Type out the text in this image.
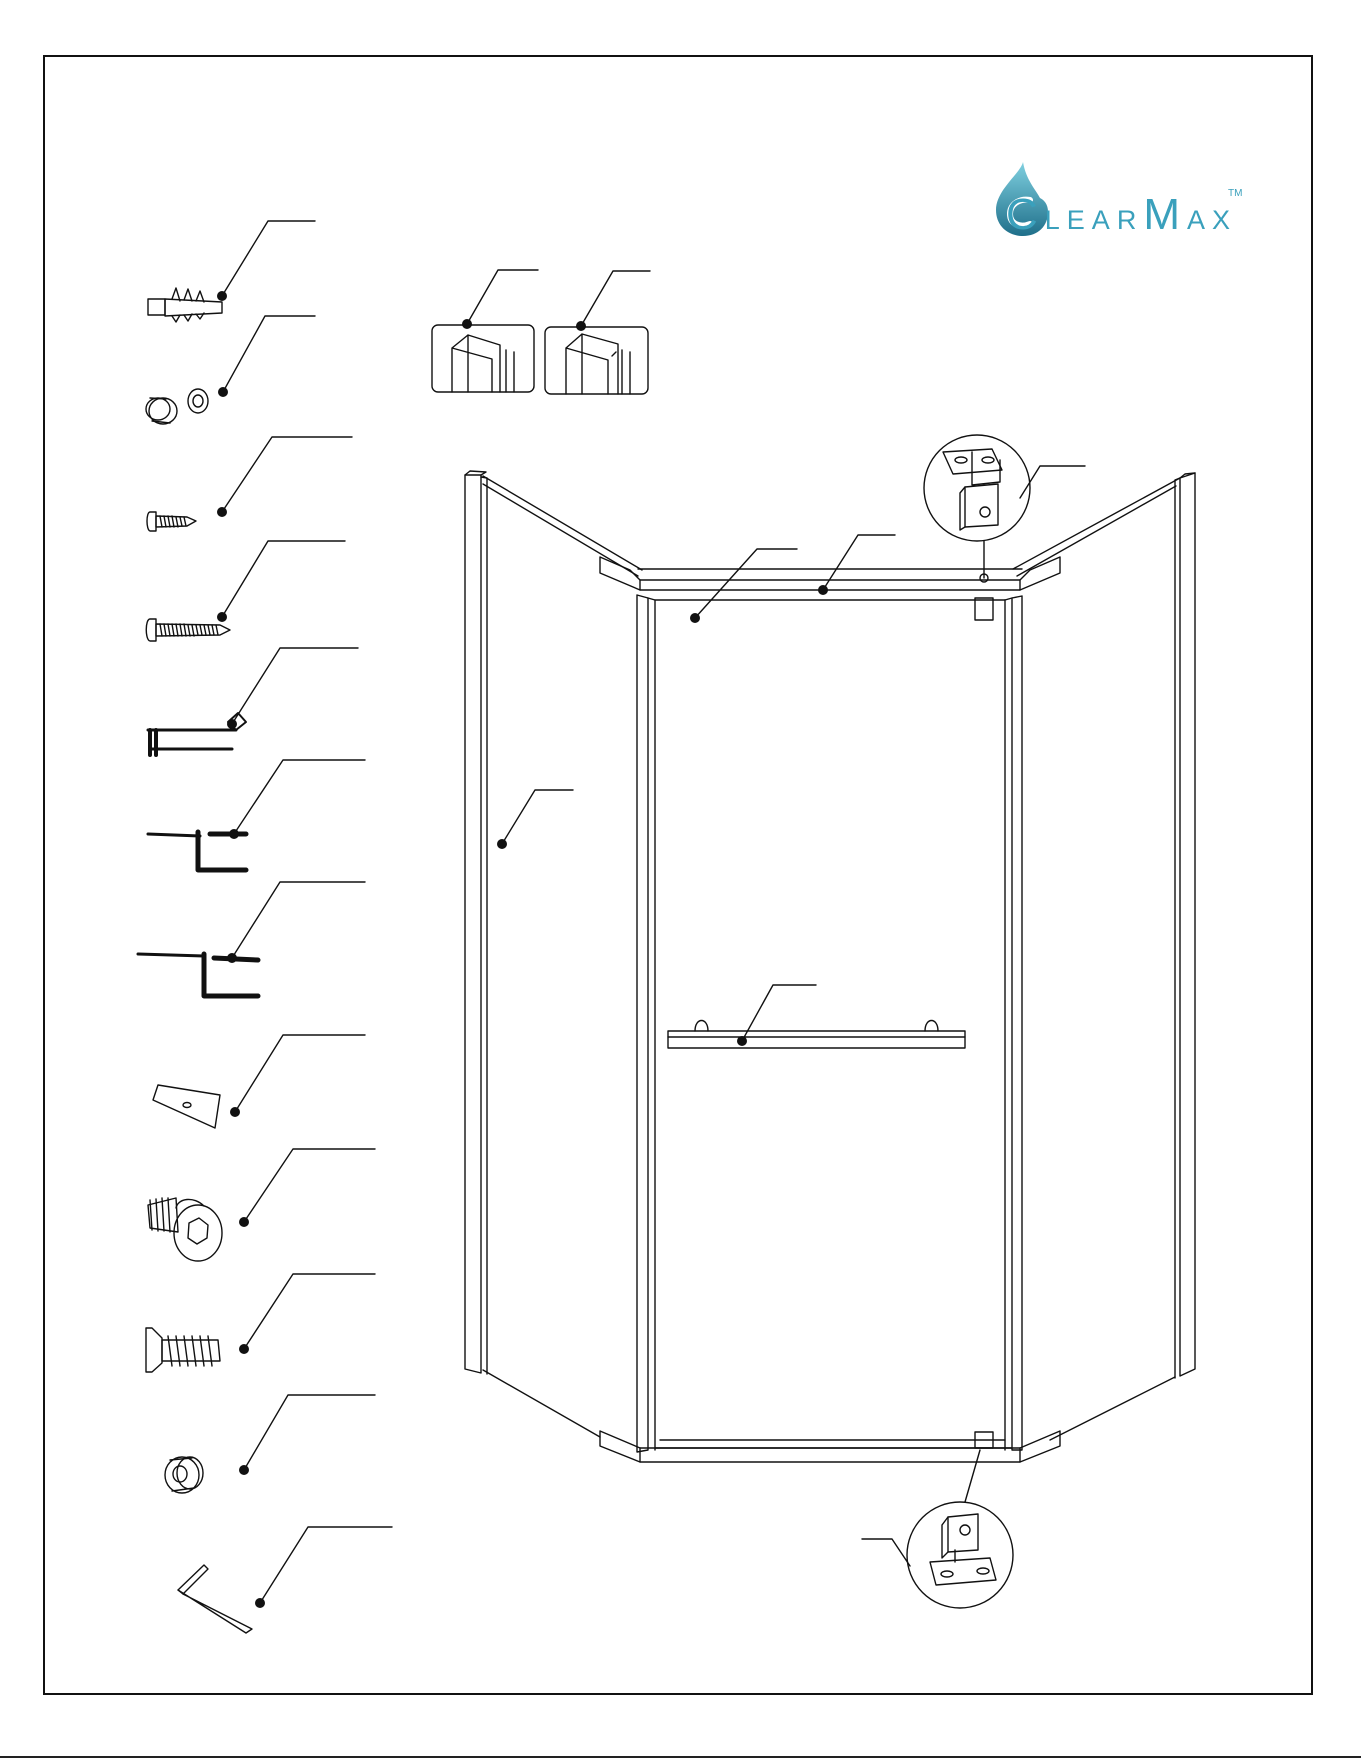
CLEARMAX
TM
